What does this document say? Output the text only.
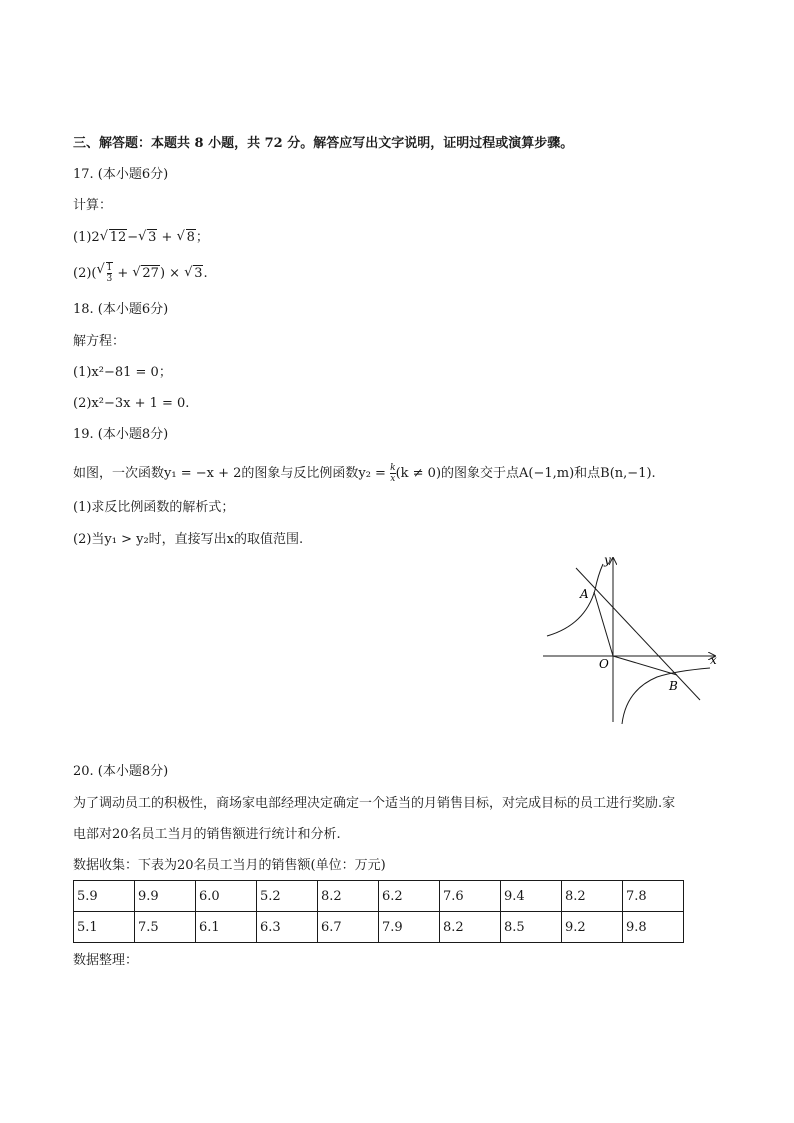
三、解答题：本题共 8 小题，共 72 分。解答应写出文字说明，证明过程或演算步骤。
17. (本小题6分)
计算：
(1)2 √ 12− √ 3 + √ 8；
(2)( √ $\frac{1}{3}$ + √ 27) × √ 3.
18. (本小题6分)
解方程：
(1)x²−81 = 0；
(2)x²−3x + 1 = 0.
19. (本小题8分)
如图，一次函数y₁ = −x + 2的图象与反比例函数$y_2 = \frac{k}{x} (k \ne 0)$的图象交于点A(−1,m)和点B(n,−1).
(1)求反比例函数的解析式；
(2)当y₁ > y₂时，直接写出x的取值范围.
y
x
O
A
B
20. (本小题8分)
为了调动员工的积极性，商场家电部经理决定确定一个适当的月销售目标，对完成目标的员工进行奖励.家
电部对20名员工当月的销售额进行统计和分析.
数据收集：下表为20名员工当月的销售额(单位：万元)
5.9	9.9	6.0	5.2	8.2	6.2	7.6	9.4	8.2	7.8
5.1	7.5	6.1	6.3	6.7	7.9	8.2	8.5	9.2	9.8
数据整理：
